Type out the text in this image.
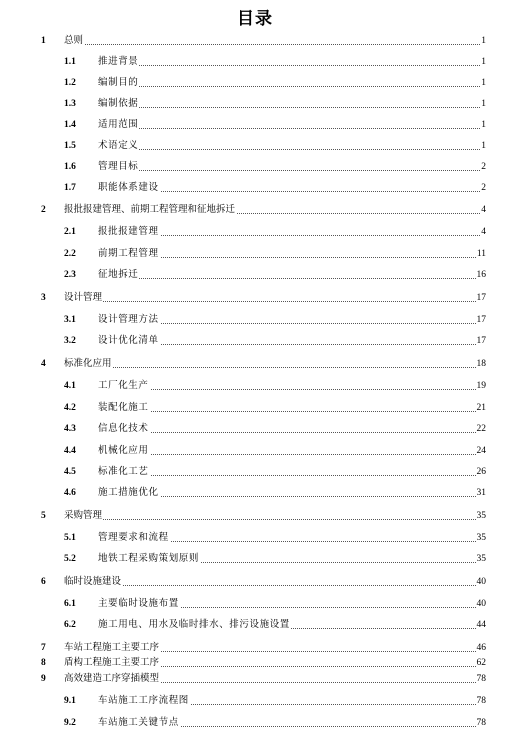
目录
1 总则	1
1.1 推进背景	1
1.2 编制目的	1
1.3 编制依据	1
1.4 适用范围	1
1.5 术语定义	1
1.6 管理目标	2
1.7 职能体系建设	2
2 报批报建管理、前期工程管理和征地拆迁	4
2.1 报批报建管理	4
2.2 前期工程管理	11
2.3 征地拆迁	16
3 设计管理	17
3.1 设计管理方法	17
3.2 设计优化清单	17
4 标准化应用	18
4.1 工厂化生产	19
4.2 装配化施工	21
4.3 信息化技术	22
4.4 机械化应用	24
4.5 标准化工艺	26
4.6 施工措施优化	31
5 采购管理	35
5.1 管理要求和流程	35
5.2 地铁工程采购策划原则	35
6 临时设施建设	40
6.1 主要临时设施布置	40
6.2 施工用电、用水及临时排水、排污设施设置	44
7 车站工程施工主要工序	46
8 盾构工程施工主要工序	62
9 高效建造工序穿插模型	78
9.1 车站施工工序流程图	78
9.2 车站施工关键节点	78
